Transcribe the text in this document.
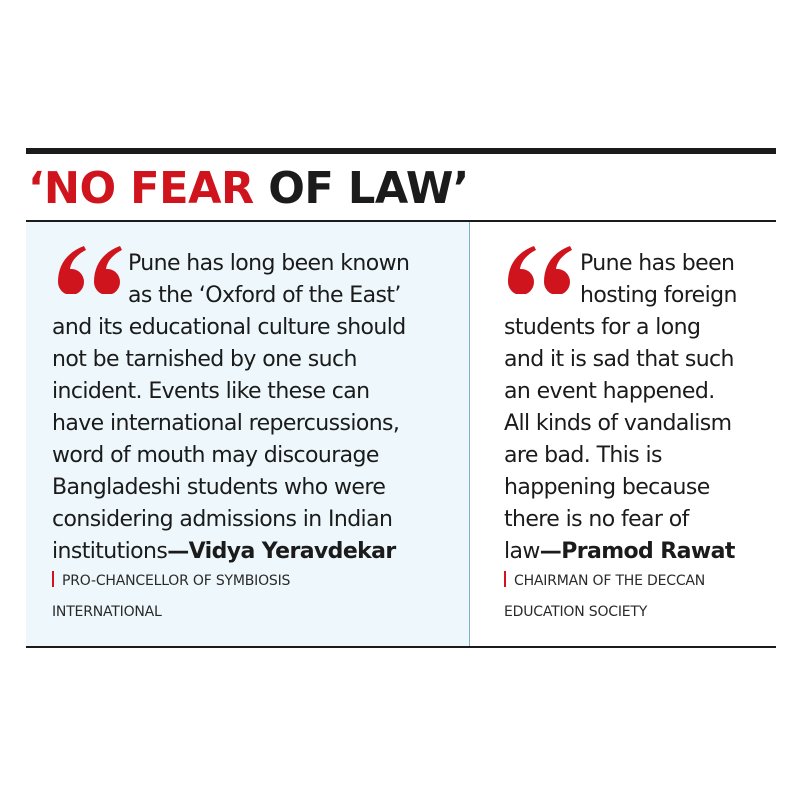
‘NO FEAR OF LAW’

Pune has long been known
as the ‘Oxford of the East’
and its educational culture should
not be tarnished by one such
incident. Events like these can
have international repercussions,
word of mouth may discourage
Bangladeshi students who were
considering admissions in Indian
institutions—Vidya Yeravdekar

PRO-CHANCELLOR OF SYMBIOSIS
INTERNATIONAL

Pune has been
hosting foreign
students for a long
and it is sad that such
an event happened.
All kinds of vandalism
are bad. This is
happening because
there is no fear of
law—Pramod Rawat

CHAIRMAN OF THE DECCAN
EDUCATION SOCIETY
